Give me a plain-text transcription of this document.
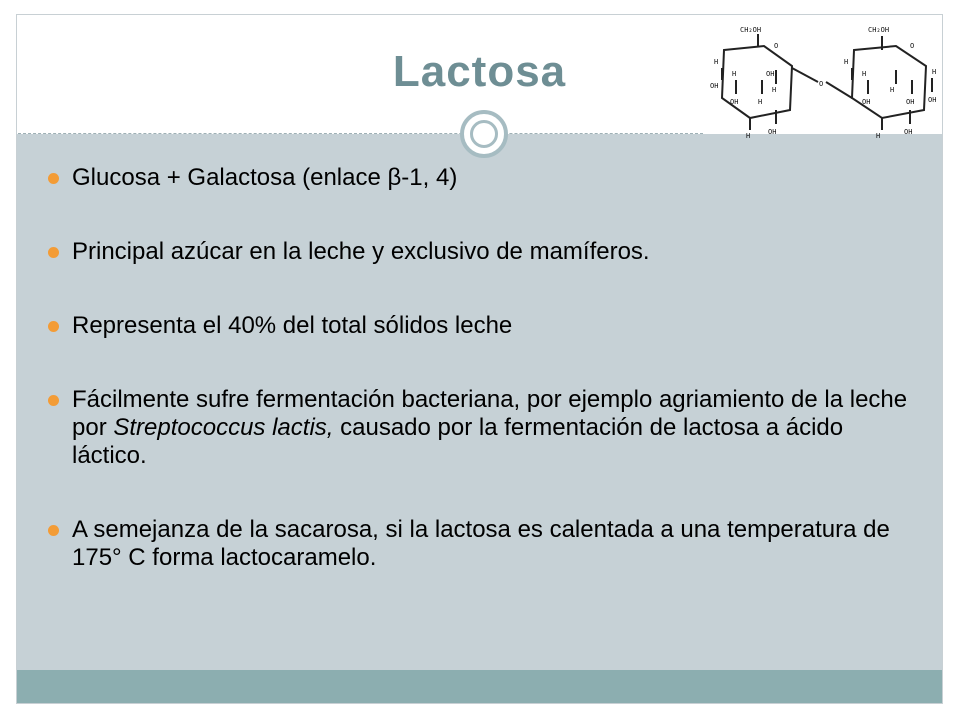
Lactosa
CH₂OH	CH₂OH
O	O
O
H
OH
H
OH	H
OH
H
OH
H
H
H
OH
H
OH
H	OH
H
OH
Glucosa + Galactosa (enlace β-1, 4)
Principal azúcar en la leche y exclusivo de mamíferos.
Representa el 40% del total sólidos leche
Fácilmente sufre fermentación bacteriana, por ejemplo agriamiento de la leche por Streptococcus lactis, causado por la fermentación de lactosa a ácido láctico.
A semejanza de la sacarosa, si la lactosa es calentada a una temperatura de 175° C forma lactocaramelo.
